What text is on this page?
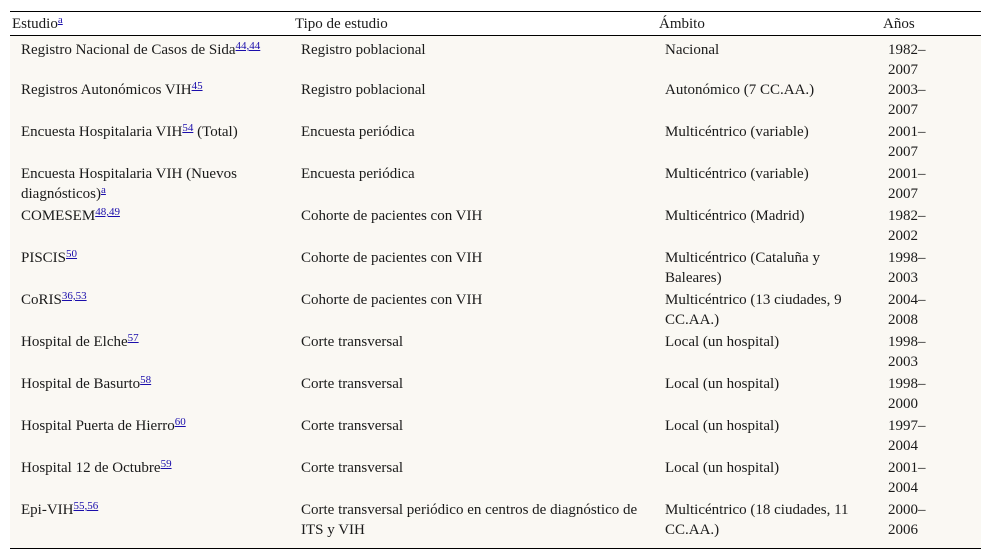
Estudio$^a$	Tipo de estudio	Ámbito	Años
Registro Nacional de Casos de Sida$^{44,44}$	Registro poblacional	Nacional	1982–2007

Registros Autonómicos VIH$^{45}$	Registro poblacional	Autonómico (7 CC.AA.)	2003–2007

Encuesta Hospitalaria VIH$^{54}$ (Total)	Encuesta periódica	Multicéntrico (variable)	2001–2007

Encuesta Hospitalaria VIH (Nuevos diagnósticos)$^a$	Encuesta periódica	Multicéntrico (variable)	2001–2007

COMESEM$^{48,49}$	Cohorte de pacientes con VIH	Multicéntrico (Madrid)	1982–2002

PISCIS$^{50}$	Cohorte de pacientes con VIH	Multicéntrico (Cataluña y Baleares)	1998–2003

CoRIS$^{36,53}$	Cohorte de pacientes con VIH	Multicéntrico (13 ciudades, 9 CC.AA.)	2004–2008

Hospital de Elche$^{57}$	Corte transversal	Local (un hospital)	1998–2003

Hospital de Basurto$^{58}$	Corte transversal	Local (un hospital)	1998–2000

Hospital Puerta de Hierro$^{60}$	Corte transversal	Local (un hospital)	1997–2004

Hospital 12 de Octubre$^{59}$	Corte transversal	Local (un hospital)	2001–2004

Epi-VIH$^{55,56}$	Corte transversal periódico en centros de diagnóstico de ITS y VIH	Multicéntrico (18 ciudades, 11 CC.AA.)	2000–2006
